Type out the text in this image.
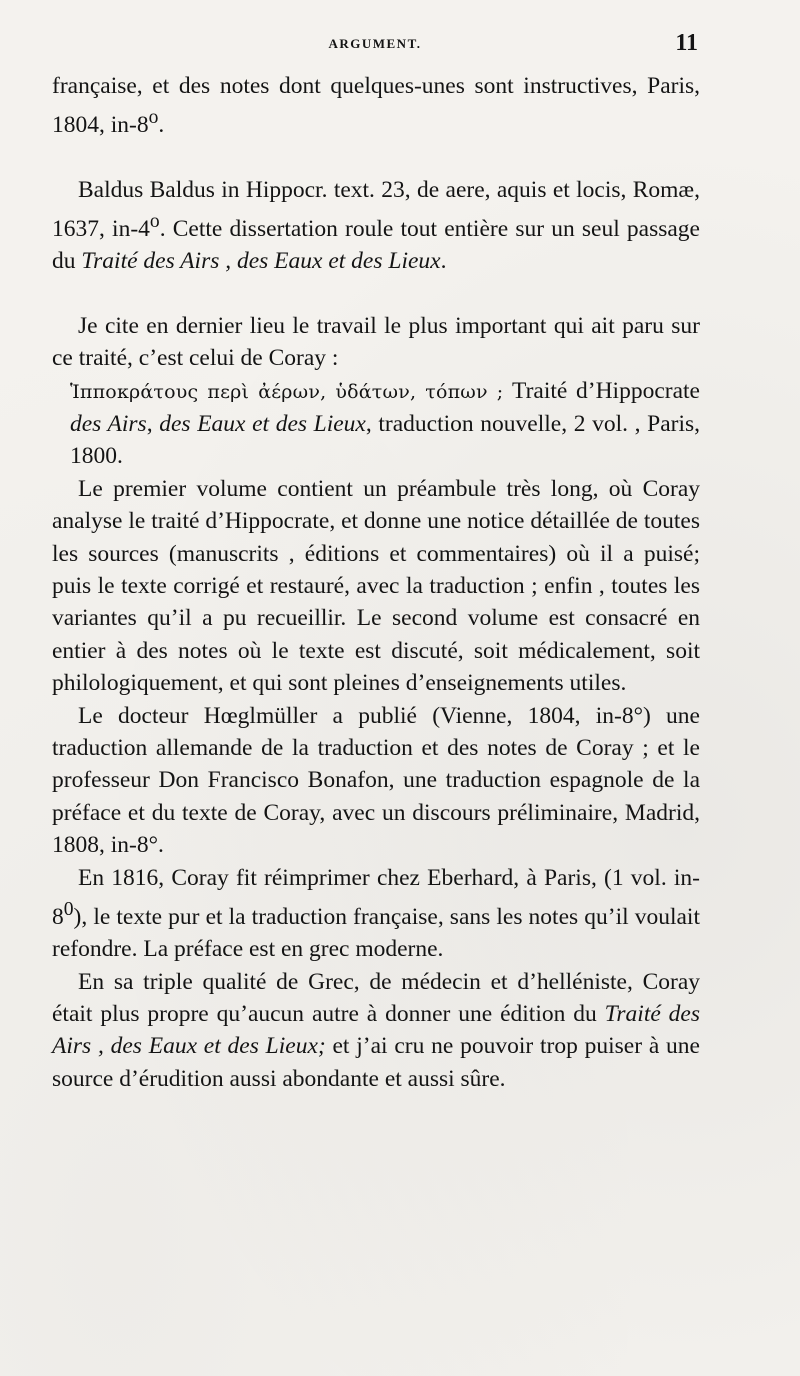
ARGUMENT.	11

française, et des notes dont quelques-unes sont instructives, Paris, 1804, in-8$^o$.

Baldus Baldus in Hippocr. text. 23, de aere, aquis et locis, Romæ, 1637, in-4$^o$. Cette dissertation roule tout entière sur un seul passage du Traité des Airs , des Eaux et des Lieux.

Je cite en dernier lieu le travail le plus important qui ait paru sur ce traité, c’est celui de Coray :

Ἱπποκράτους περὶ ἀέρων, ὑδάτων, τόπων ; Traité d’Hippocrate des Airs, des Eaux et des Lieux, traduction nouvelle, 2 vol. , Paris, 1800.

Le premier volume contient un préambule très long, où Coray analyse le traité d’Hippocrate, et donne une notice détaillée de toutes les sources (manuscrits , éditions et commentaires) où il a puisé; puis le texte corrigé et restauré, avec la traduction ; enfin , toutes les variantes qu’il a pu recueillir. Le second volume est consacré en entier à des notes où le texte est discuté, soit médicalement, soit philologiquement, et qui sont pleines d’enseignements utiles.

Le docteur Hœglmüller a publié (Vienne, 1804, in-8°) une traduction allemande de la traduction et des notes de Coray ; et le professeur Don Francisco Bonafon, une traduction espagnole de la préface et du texte de Coray, avec un discours préliminaire, Madrid, 1808, in-8°.

En 1816, Coray fit réimprimer chez Eberhard, à Paris, (1 vol. $in-8^0$), le texte pur et la traduction française, sans les notes qu’il voulait refondre. La préface est en grec moderne.

En sa triple qualité de Grec, de médecin et d’helléniste, Coray était plus propre qu’aucun autre à donner une édition du Traité des Airs , des Eaux et des Lieux; et j’ai cru ne pouvoir trop puiser à une source d’érudition aussi abondante et aussi sûre.
